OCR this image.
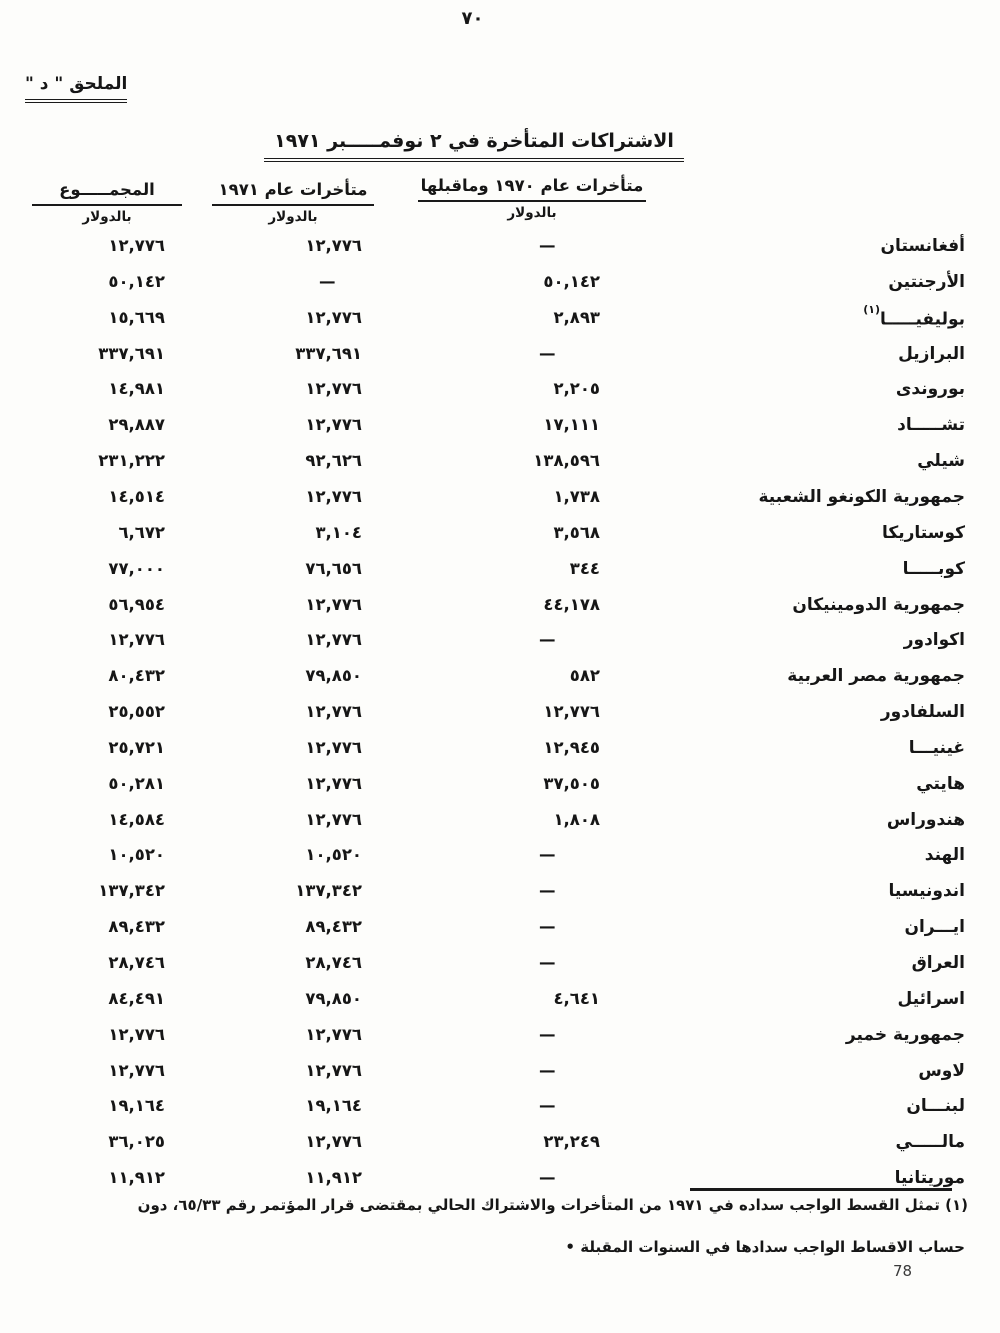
٧٠
الملحق " د "
الاشتراكات المتأخرة في ٢ نوفمـــــبر ١٩٧١
المجمـــــوع
بالدولار
متأخرات عام ١٩٧١
بالدولار
متأخرات عام ١٩٧٠ وماقبلها
بالدولار
أفغانستان
—
١٢,٧٧٦
١٢,٧٧٦
الأرجنتين
٥٠,١٤٢
—
٥٠,١٤٢
بوليفيـــــا$^{(١)}$
٢,٨٩٣
١٢,٧٧٦
١٥,٦٦٩
البرازيل
—
٣٣٧,٦٩١
٣٣٧,٦٩١
بوروندى
٢,٢٠٥
١٢,٧٧٦
١٤,٩٨١
تشـــــاد
١٧,١١١
١٢,٧٧٦
٢٩,٨٨٧
شيلي
١٣٨,٥٩٦
٩٢,٦٢٦
٢٣١,٢٢٢
جمهورية الكونغو الشعبية
١,٧٣٨
١٢,٧٧٦
١٤,٥١٤
كوستاريكا
٣,٥٦٨
٣,١٠٤
٦,٦٧٢
كوبـــــا
٣٤٤
٧٦,٦٥٦
٧٧,٠٠٠
جمهورية الدومينيكان
٤٤,١٧٨
١٢,٧٧٦
٥٦,٩٥٤
اكوادور
—
١٢,٧٧٦
١٢,٧٧٦
جمهورية مصر العربية
٥٨٢
٧٩,٨٥٠
٨٠,٤٣٢
السلفادور
١٢,٧٧٦
١٢,٧٧٦
٢٥,٥٥٢
غينيـــا
١٢,٩٤٥
١٢,٧٧٦
٢٥,٧٢١
هايتي
٣٧,٥٠٥
١٢,٧٧٦
٥٠,٢٨١
هندوراس
١,٨٠٨
١٢,٧٧٦
١٤,٥٨٤
الهند
—
١٠,٥٢٠
١٠,٥٢٠
اندونيسيا
—
١٣٧,٣٤٢
١٣٧,٣٤٢
ايـــران
—
٨٩,٤٣٢
٨٩,٤٣٢
العراق
—
٢٨,٧٤٦
٢٨,٧٤٦
اسرائيل
٤,٦٤١
٧٩,٨٥٠
٨٤,٤٩١
جمهورية خمير
—
١٢,٧٧٦
١٢,٧٧٦
لاوس
—
١٢,٧٧٦
١٢,٧٧٦
لبنـــان
—
١٩,١٦٤
١٩,١٦٤
مالـــــي
٢٣,٢٤٩
١٢,٧٧٦
٣٦,٠٢٥
موريتانيا
—
١١,٩١٢
١١,٩١٢
(١) تمثل القسط الواجب سداده في ١٩٧١ من المتأخرات والاشتراك الحالي بمقتضى قرار المؤتمر رقم ٦٥/٣٣، دون
حساب الاقساط الواجب سدادها في السنوات المقبلة •
78
